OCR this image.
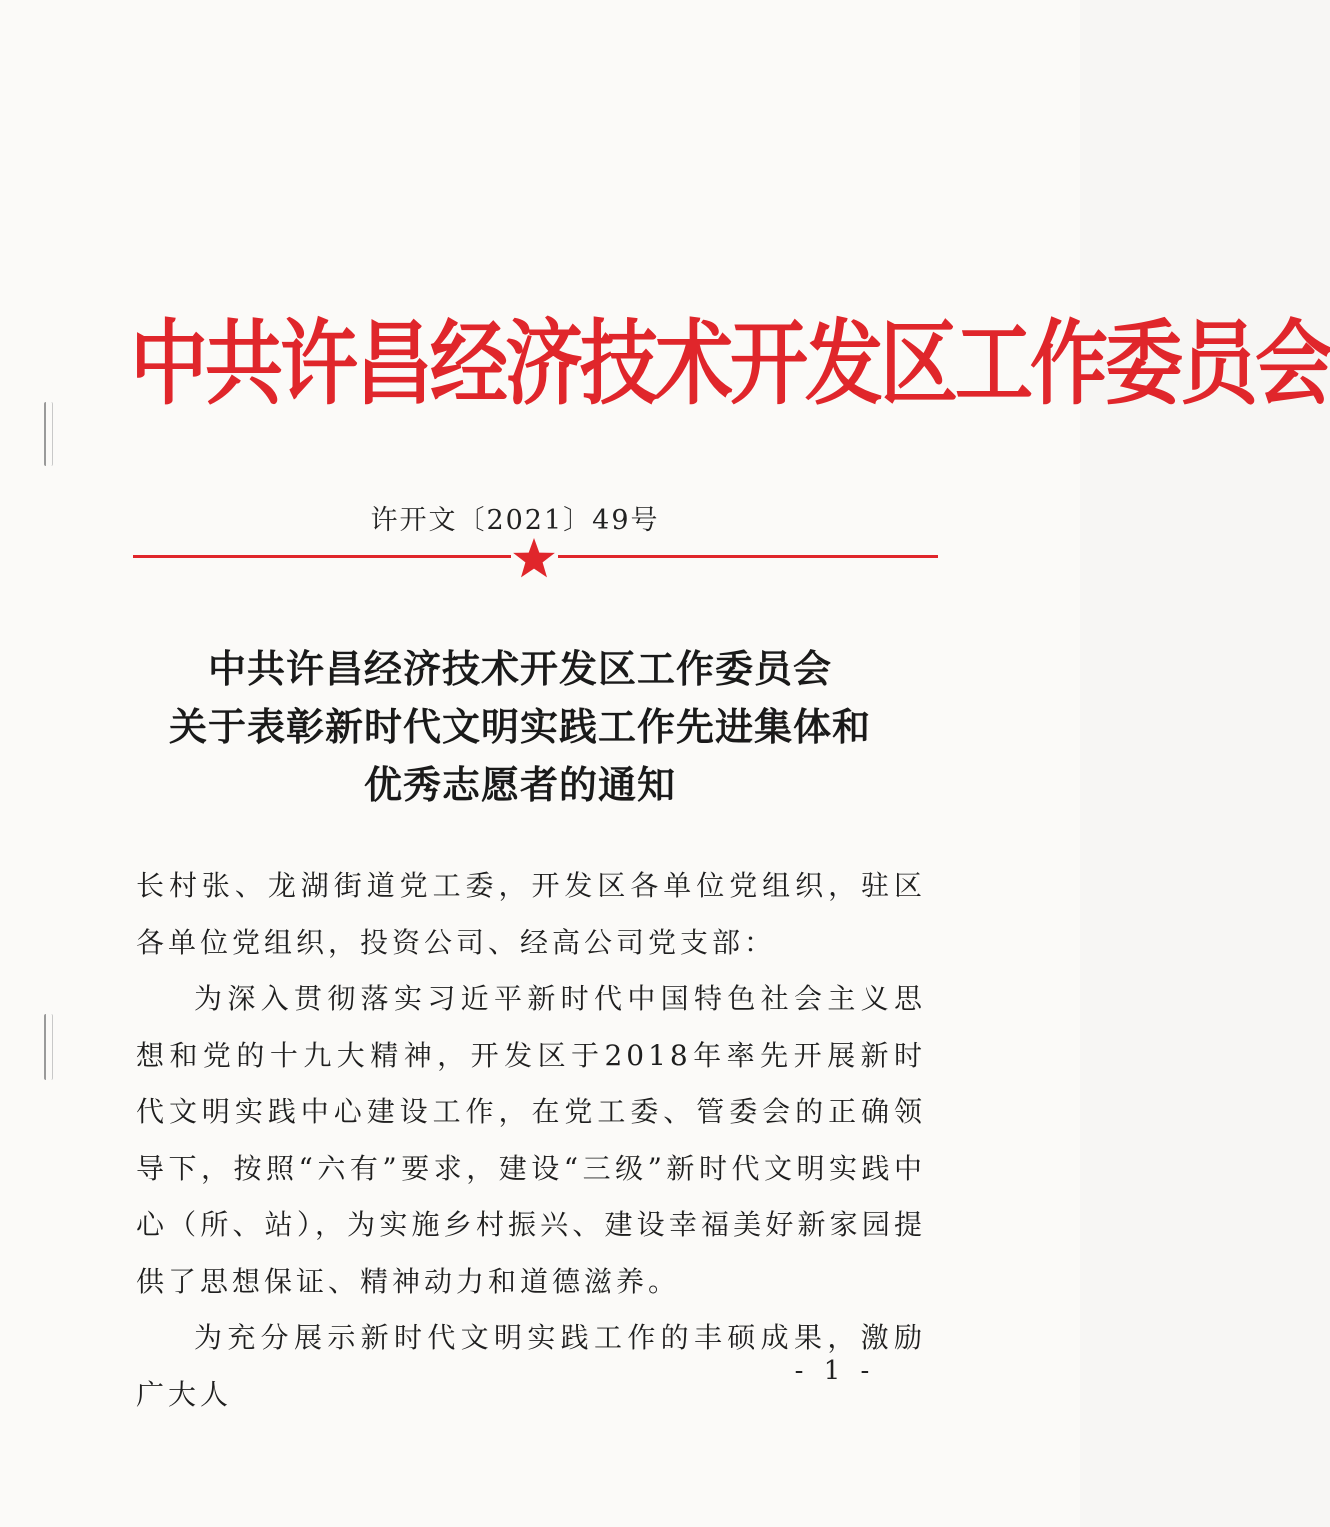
中共许昌经济技术开发区工作委员会
许开文〔2021〕49号
中共许昌经济技术开发区工作委员会
关于表彰新时代文明实践工作先进集体和
优秀志愿者的通知

长村张、龙湖街道党工委，开发区各单位党组织，驻区各单位党组织，投资公司、经高公司党支部：

为深入贯彻落实习近平新时代中国特色社会主义思想和党的十九大精神，开发区于2018年率先开展新时代文明实践中心建设工作，在党工委、管委会的正确领导下，按照“六有”要求，建设“三级”新时代文明实践中心（所、站），为实施乡村振兴、建设幸福美好新家园提供了思想保证、精神动力和道德滋养。

为充分展示新时代文明实践工作的丰硕成果，激励广大人

- 1 -
